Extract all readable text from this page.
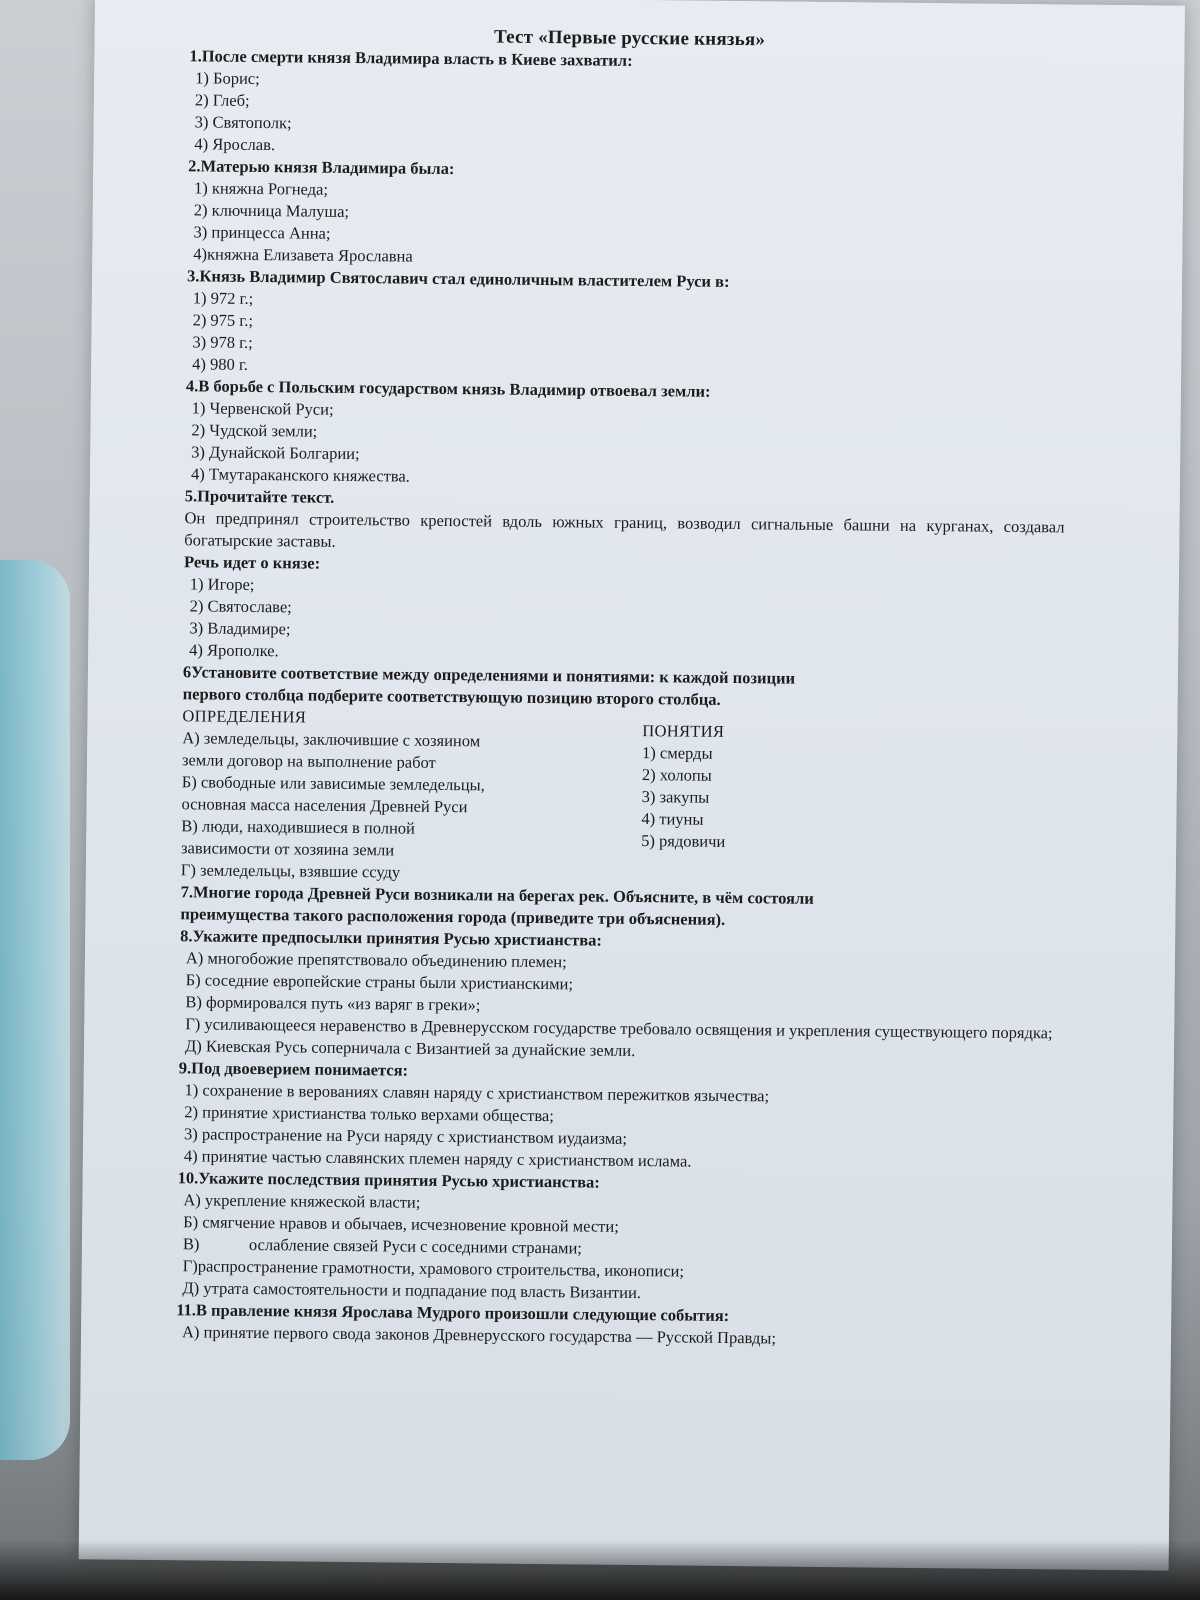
Тест «Первые русские князья»
1.После смерти князя Владимира власть в Киеве захватил:
1) Борис;
2) Глеб;
3) Святополк;
4) Ярослав.
2.Матерью князя Владимира была:
1) княжна Рогнеда;
2) ключница Малуша;
3) принцесса Анна;
4)княжна Елизавета Ярославна
3.Князь Владимир Святославич стал единоличным властителем Руси в:
1) 972 г.;
2) 975 г.;
3) 978 г.;
4) 980 г.
4.В борьбе с Польским государством князь Владимир отвоевал земли:
1) Червенской Руси;
2) Чудской земли;
3) Дунайской Болгарии;
4) Тмутараканского княжества.
5.Прочитайте текст.
Он предпринял строительство крепостей вдоль южных границ, возводил сигнальные башни на курганах, создавал богатырские заставы.
Речь идет о князе:
1) Игоре;
2) Святославе;
3) Владимире;
4) Ярополке.
6Установите соответствие между определениями и понятиями: к каждой позиции первого столбца подберите соответствующую позицию второго столбца.
ОПРЕДЕЛЕНИЯ
А) земледельцы, заключившие с хозяином
земли договор на выполнение работ
Б) свободные или зависимые земледельцы,
основная масса населения Древней Руси
В) люди, находившиеся в полной
зависимости от хозяина земли
Г) земледельцы, взявшие ссуду
ПОНЯТИЯ
1) смерды
2) холопы
3) закупы
4) тиуны
5) рядовичи
7.Многие города Древней Руси возникали на берегах рек. Объясните, в чём состояли преимущества такого расположения города (приведите три объяснения).
8.Укажите предпосылки принятия Русью христианства:
А) многобожие препятствовало объединению племен;
Б) соседние европейские страны были христианскими;
В) формировался путь «из варяг в греки»;
Г) усиливающееся неравенство в Древнерусском государстве требовало освящения и укрепления существующего порядка;
Д) Киевская Русь соперничала с Византией за дунайские земли.
9.Под двоеверием понимается:
1) сохранение в верованиях славян наряду с христианством пережитков язычества;
2) принятие христианства только верхами общества;
3) распространение на Руси наряду с христианством иудаизма;
4) принятие частью славянских племен наряду с христианством ислама.
10.Укажите последствия принятия Русью христианства:
А) укрепление княжеской власти;
Б) смягчение нравов и обычаев, исчезновение кровной мести;
В)            ослабление связей Руси с соседними странами;
Г)распространение грамотности, храмового строительства, иконописи;
Д) утрата самостоятельности и подпадание под власть Византии.
11.В правление князя Ярослава Мудрого произошли следующие события:
А) принятие первого свода законов Древнерусского государства — Русской Правды;
